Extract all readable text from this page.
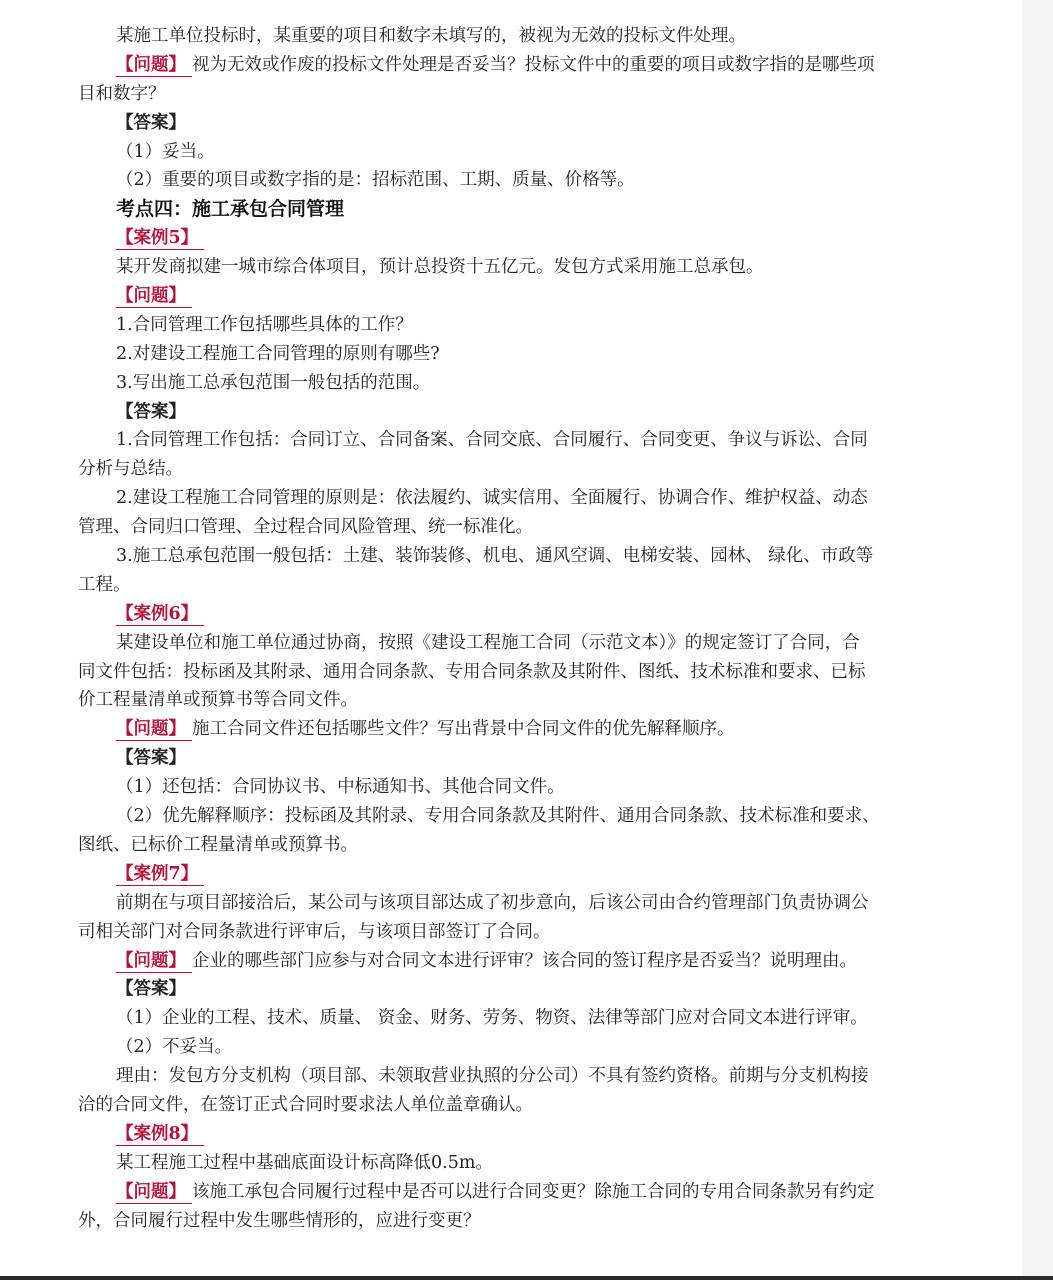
某施工单位投标时，某重要的项目和数字未填写的，被视为无效的投标文件处理。
【问题】 视为无效或作废的投标文件处理是否妥当？投标文件中的重要的项目或数字指的是哪些项
目和数字？
【答案】
（1）妥当。
（2）重要的项目或数字指的是：招标范围、工期、质量、价格等。
考点四：施工承包合同管理
【案例5】
某开发商拟建一城市综合体项目，预计总投资十五亿元。发包方式采用施工总承包。
【问题】
1.合同管理工作包括哪些具体的工作？
2.对建设工程施工合同管理的原则有哪些?
3.写出施工总承包范围一般包括的范围。
【答案】
1.合同管理工作包括：合同订立、合同备案、合同交底、合同履行、合同变更、争议与诉讼、合同
分析与总结。
2.建设工程施工合同管理的原则是：依法履约、诚实信用、全面履行、协调合作、维护权益、动态
管理、合同归口管理、全过程合同风险管理、统一标准化。
3.施工总承包范围一般包括：土建、装饰装修、机电、通风空调、电梯安装、园林、 绿化、市政等
工程。
【案例6】
某建设单位和施工单位通过协商，按照《建设工程施工合同（示范文本）》的规定签订了合同，合
同文件包括：投标函及其附录、通用合同条款、专用合同条款及其附件、图纸、技术标准和要求、已标
价工程量清单或预算书等合同文件。
【问题】 施工合同文件还包括哪些文件？写出背景中合同文件的优先解释顺序。
【答案】
（1）还包括：合同协议书、中标通知书、其他合同文件。
（2）优先解释顺序：投标函及其附录、专用合同条款及其附件、通用合同条款、技术标准和要求、
图纸、已标价工程量清单或预算书。
【案例7】
前期在与项目部接洽后，某公司与该项目部达成了初步意向，后该公司由合约管理部门负责协调公
司相关部门对合同条款进行评审后，与该项目部签订了合同。
【问题】 企业的哪些部门应参与对合同文本进行评审？该合同的签订程序是否妥当？说明理由。
【答案】
（1）企业的工程、技术、质量、 资金、财务、劳务、物资、法律等部门应对合同文本进行评审。
（2）不妥当。
理由：发包方分支机构（项目部、未领取营业执照的分公司）不具有签约资格。前期与分支机构接
洽的合同文件，在签订正式合同时要求法人单位盖章确认。
【案例8】
某工程施工过程中基础底面设计标高降低0.5m。
【问题】 该施工承包合同履行过程中是否可以进行合同变更？除施工合同的专用合同条款另有约定
外，合同履行过程中发生哪些情形的，应进行变更？
